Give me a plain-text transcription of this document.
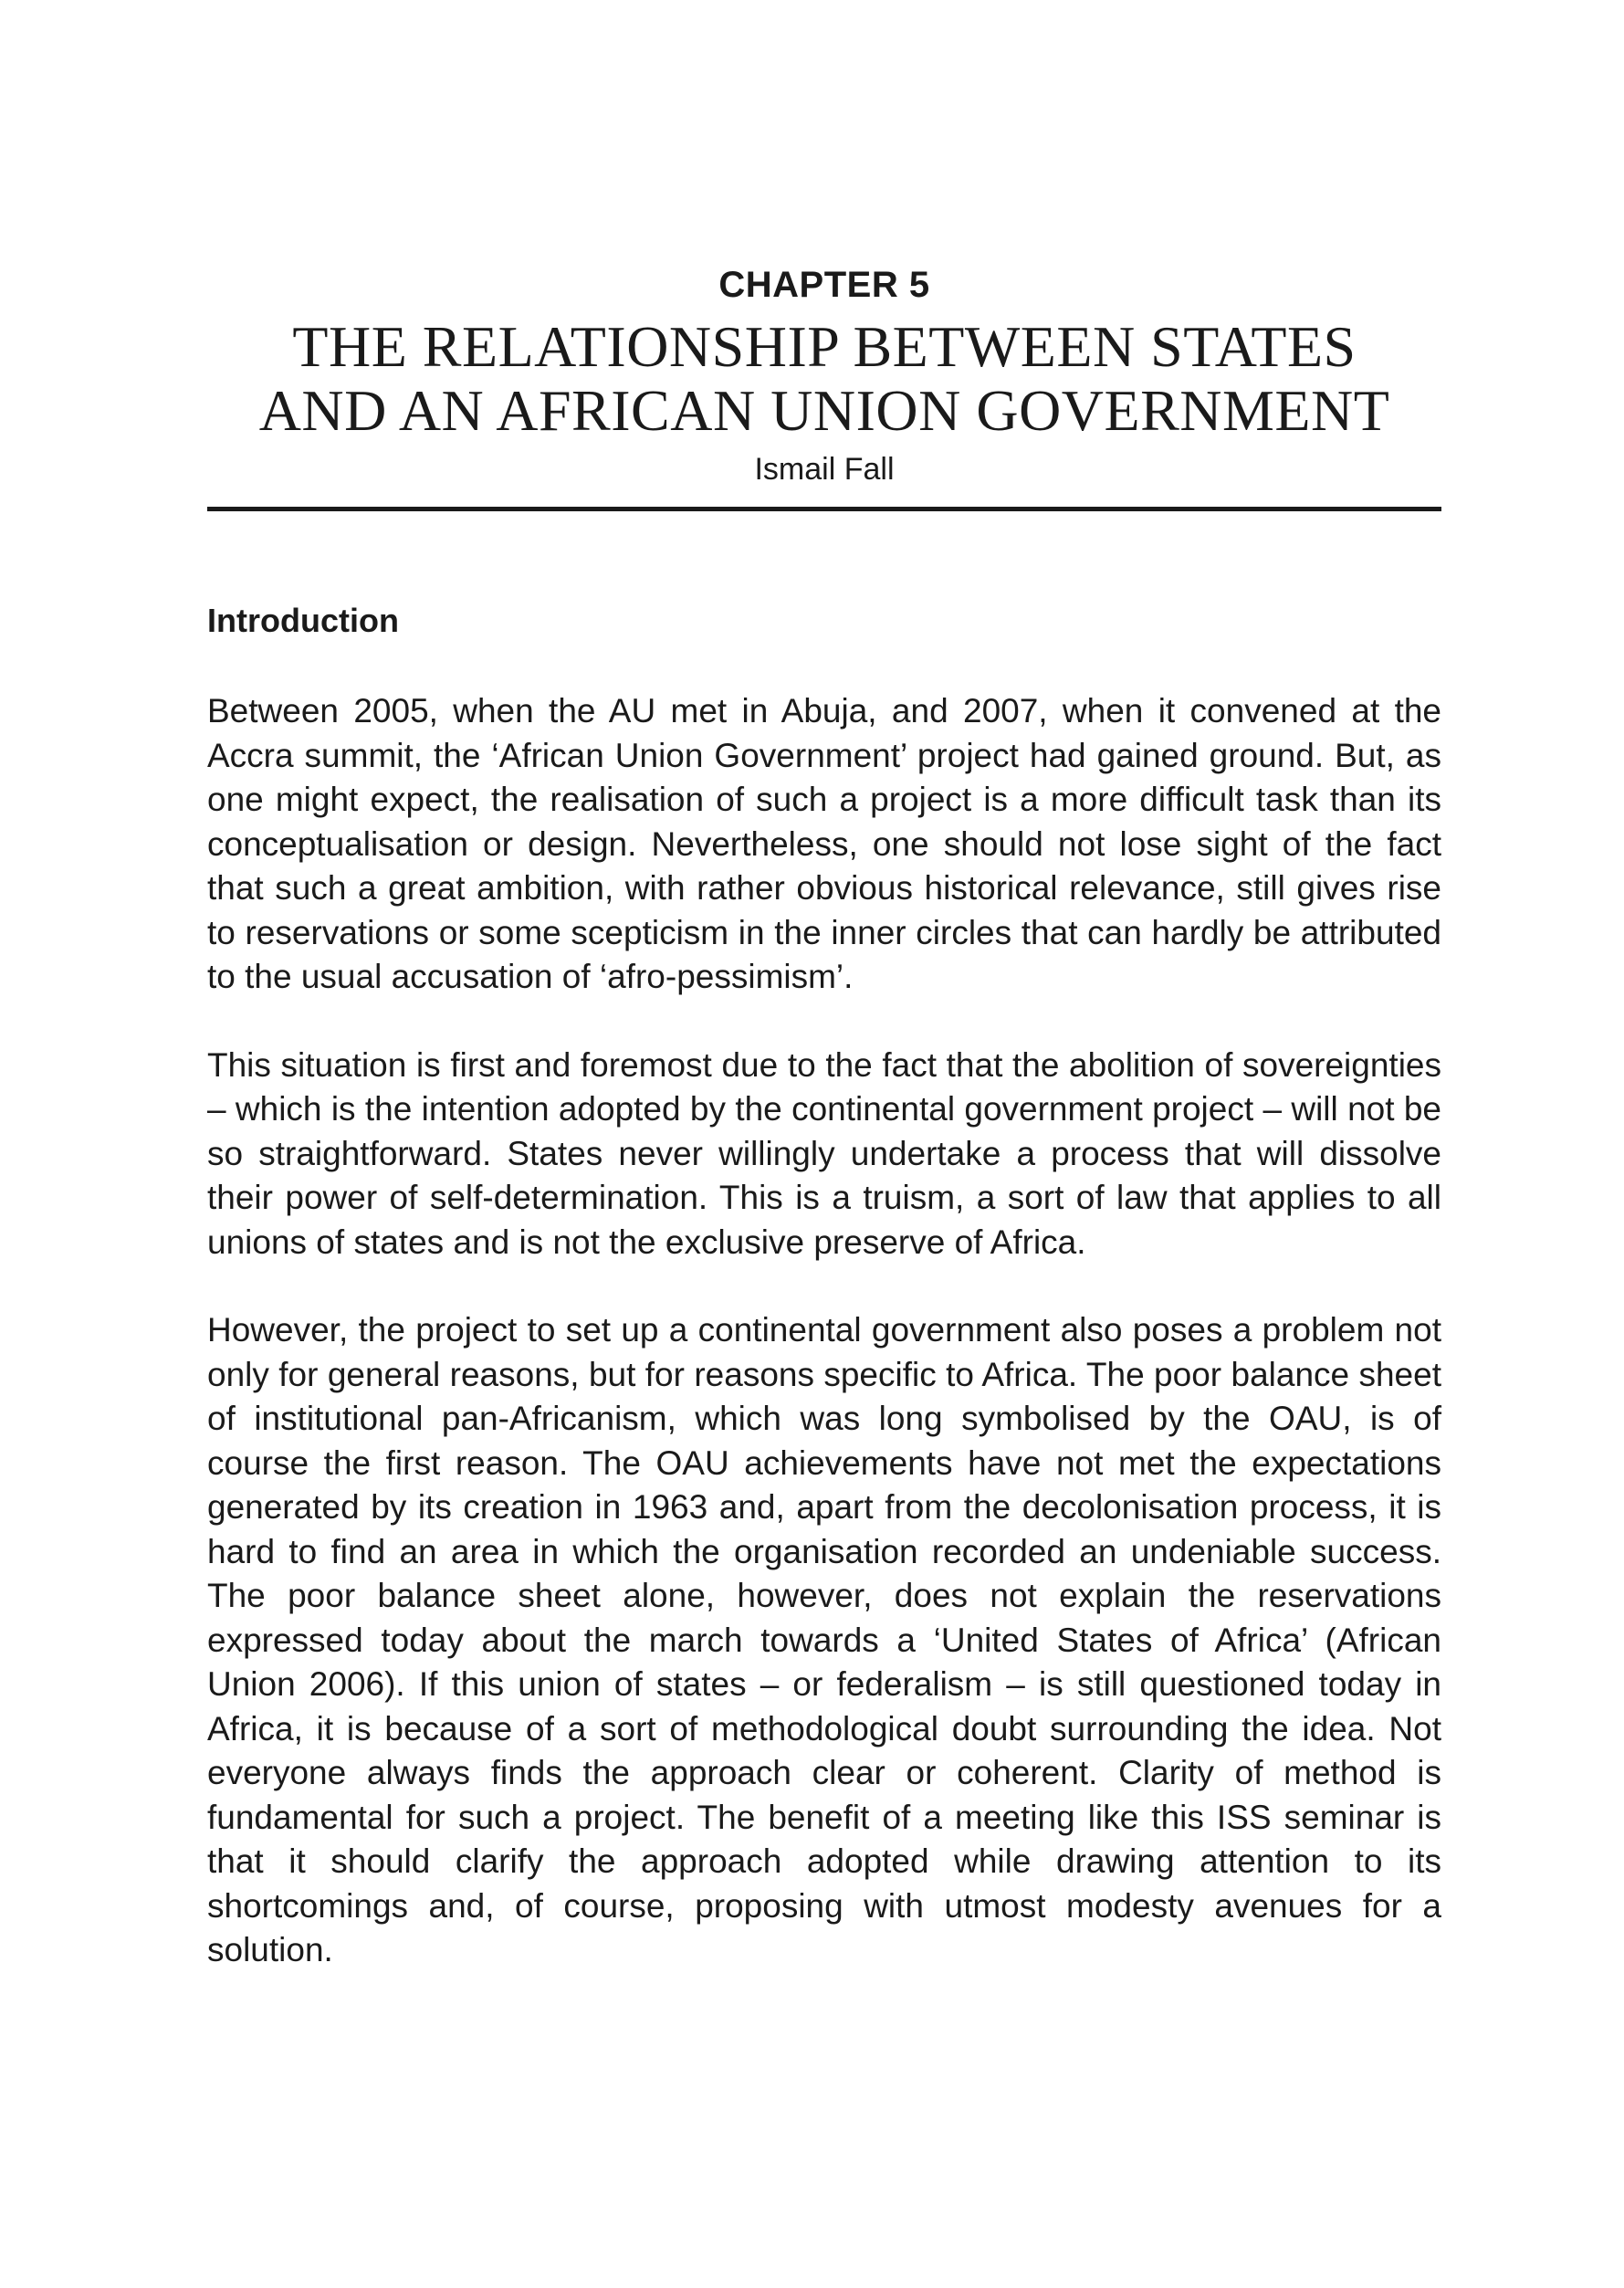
CHAPTER 5
THE RELATIONSHIP BETWEEN STATES
AND AN AFRICAN UNION GOVERNMENT
Ismail Fall
Introduction

Between 2005, when the AU met in Abuja, and 2007, when it convened at the Accra summit, the ‘African Union Government’ project had gained ground. But, as one might expect, the realisation of such a project is a more difficult task than its conceptualisation or design. Nevertheless, one should not lose sight of the fact that such a great ambition, with rather obvious historical relevance, still gives rise to reservations or some scepticism in the inner circles that can hardly be attributed to the usual accusation of ‘afro-pessimism’.

This situation is first and foremost due to the fact that the abolition of sovereignties – which is the intention adopted by the continental government project – will not be so straightforward. States never willingly undertake a process that will dissolve their power of self-determination. This is a truism, a sort of law that applies to all unions of states and is not the exclusive preserve of Africa.

However, the project to set up a continental government also poses a problem not only for general reasons, but for reasons specific to Africa. The poor balance sheet of institutional pan-Africanism, which was long symbolised by the OAU, is of course the first reason. The OAU achievements have not met the expectations generated by its creation in 1963 and, apart from the decolonisation process, it is hard to find an area in which the organisation recorded an undeniable success. The poor balance sheet alone, however, does not explain the reservations expressed today about the march towards a ‘United States of Africa’ (African Union 2006). If this union of states – or federalism – is still questioned today in Africa, it is because of a sort of methodological doubt surrounding the idea. Not everyone always finds the approach clear or coherent. Clarity of method is fundamental for such a project. The benefit of a meeting like this ISS seminar is that it should clarify the approach adopted while drawing attention to its shortcomings and, of course, proposing with utmost modesty avenues for a solution.
